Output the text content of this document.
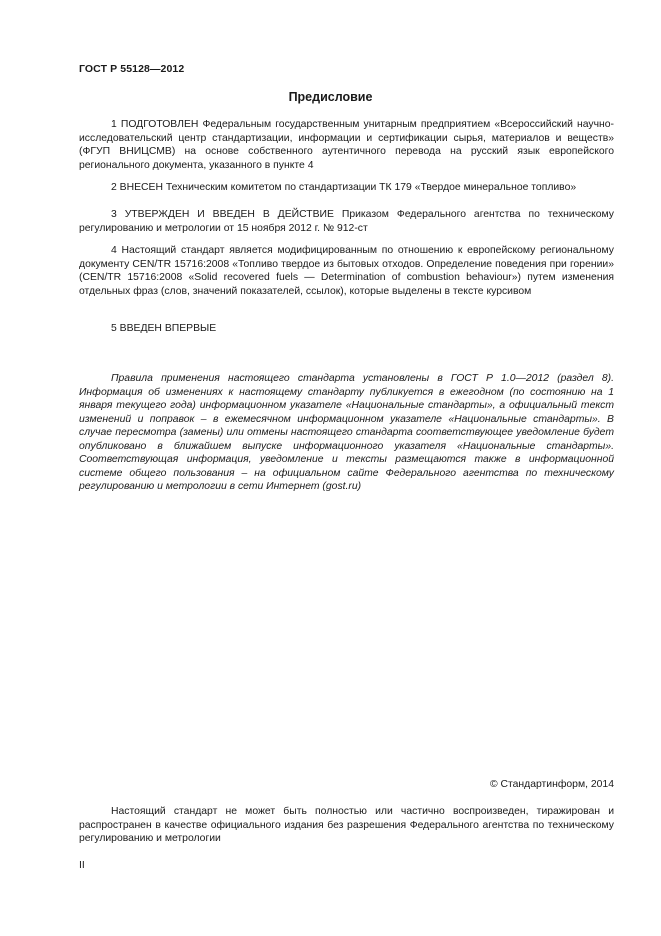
ГОСТ Р 55128—2012
Предисловие

1 ПОДГОТОВЛЕН Федеральным государственным унитарным предприятием «Всероссийский научно-исследовательский центр стандартизации, информации и сертификации сырья, материалов и веществ» (ФГУП ВНИЦСМВ) на основе собственного аутентичного перевода на русский язык европейского регионального документа, указанного в пункте 4

2 ВНЕСЕН Техническим комитетом по стандартизации ТК 179 «Твердое минеральное топливо»

3 УТВЕРЖДЕН И ВВЕДЕН В ДЕЙСТВИЕ Приказом Федерального агентства по техническому регулированию и метрологии от 15 ноября 2012 г. № 912-ст

4 Настоящий стандарт является модифицированным по отношению к европейскому региональному документу CEN/TR 15716:2008 «Топливо твердое из бытовых отходов. Определение поведения при горении» (CEN/TR 15716:2008 «Solid recovered fuels — Determination of combustion behaviour») путем изменения отдельных фраз (слов, значений показателей, ссылок), которые выделены в тексте курсивом

5 ВВЕДЕН ВПЕРВЫЕ

Правила применения настоящего стандарта установлены в ГОСТ Р 1.0—2012 (раздел 8). Информация об изменениях к настоящему стандарту публикуется в ежегодном (по состоянию на 1 января текущего года) информационном указателе «Национальные стандарты», а официальный текст изменений и поправок – в ежемесячном информационном указателе «Национальные стандарты». В случае пересмотра (замены) или отмены настоящего стандарта соответствующее уведомление будет опубликовано в ближайшем выпуске информационного указателя «Национальные стандарты». Соответствующая информация, уведомление и тексты размещаются также в информационной системе общего пользования – на официальном сайте Федерального агентства по техническому регулированию и метрологии в сети Интернет (gost.ru)

© Стандартинформ, 2014

Настоящий стандарт не может быть полностью или частично воспроизведен, тиражирован и распространен в качестве официального издания без разрешения Федерального агентства по техническому регулированию и метрологии

II
